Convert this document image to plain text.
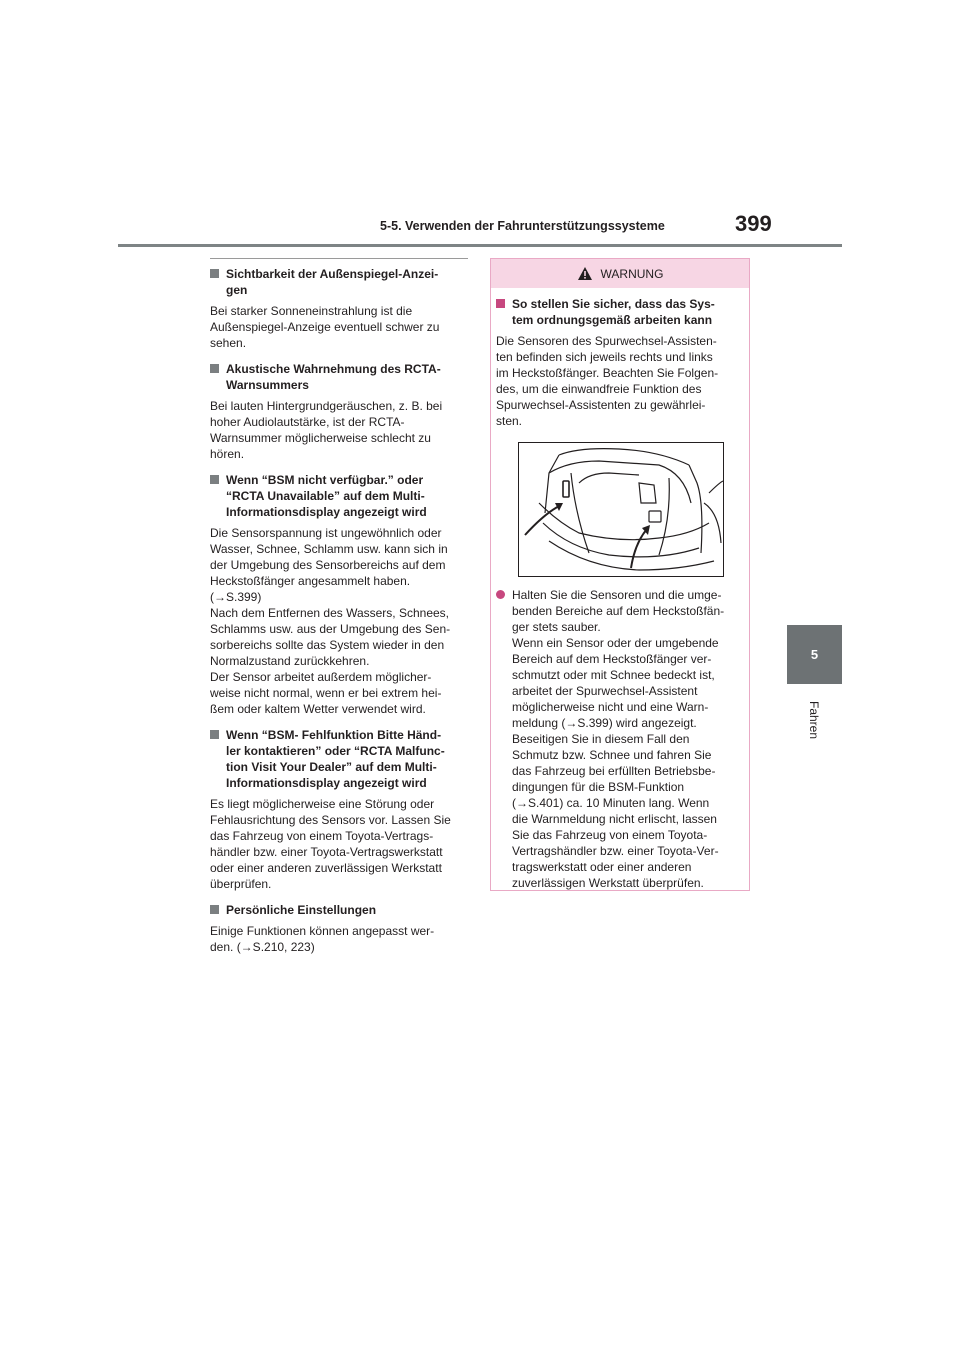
5-5. Verwenden der Fahrunterstützungssysteme	399
5
Fahren
Sichtbarkeit der Außenspiegel-Anzei-
gen
Bei starker Sonneneinstrahlung ist die
Außenspiegel-Anzeige eventuell schwer zu
sehen.
Akustische Wahrnehmung des RCTA-
Warnsummers
Bei lauten Hintergrundgeräuschen, z. B. bei
hoher Audiolautstärke, ist der RCTA-
Warnsummer möglicherweise schlecht zu
hören.
Wenn “BSM nicht verfügbar.” oder
“RCTA Unavailable” auf dem Multi-
Informationsdisplay angezeigt wird
Die Sensorspannung ist ungewöhnlich oder
Wasser, Schnee, Schlamm usw. kann sich in
der Umgebung des Sensorbereichs auf dem
Heckstoßfänger angesammelt haben.
(→S.399)
Nach dem Entfernen des Wassers, Schnees,
Schlamms usw. aus der Umgebung des Sen-
sorbereichs sollte das System wieder in den
Normalzustand zurückkehren.
Der Sensor arbeitet außerdem möglicher-
weise nicht normal, wenn er bei extrem hei-
ßem oder kaltem Wetter verwendet wird.
Wenn “BSM- Fehlfunktion Bitte Händ-
ler kontaktieren” oder “RCTA Malfunc-
tion Visit Your Dealer” auf dem Multi-
Informationsdisplay angezeigt wird
Es liegt möglicherweise eine Störung oder
Fehlausrichtung des Sensors vor. Lassen Sie
das Fahrzeug von einem Toyota-Vertrags-
händler bzw. einer Toyota-Vertragswerkstatt
oder einer anderen zuverlässigen Werkstatt
überprüfen.
Persönliche Einstellungen
Einige Funktionen können angepasst wer-
den. (→S.210, 223)
WARNUNG
So stellen Sie sicher, dass das Sys-
tem ordnungsgemäß arbeiten kann
Die Sensoren des Spurwechsel-Assisten-
ten befinden sich jeweils rechts und links
im Heckstoßfänger. Beachten Sie Folgen-
des, um die einwandfreie Funktion des
Spurwechsel-Assistenten zu gewährlei-
sten.
Halten Sie die Sensoren und die umge-
benden Bereiche auf dem Heckstoßfän-
ger stets sauber.
Wenn ein Sensor oder der umgebende
Bereich auf dem Heckstoßfänger ver-
schmutzt oder mit Schnee bedeckt ist,
arbeitet der Spurwechsel-Assistent
möglicherweise nicht und eine Warn-
meldung (→S.399) wird angezeigt.
Beseitigen Sie in diesem Fall den
Schmutz bzw. Schnee und fahren Sie
das Fahrzeug bei erfüllten Betriebsbe-
dingungen für die BSM-Funktion
(→S.401) ca. 10 Minuten lang. Wenn
die Warnmeldung nicht erlischt, lassen
Sie das Fahrzeug von einem Toyota-
Vertragshändler bzw. einer Toyota-Ver-
tragswerkstatt oder einer anderen
zuverlässigen Werkstatt überprüfen.
